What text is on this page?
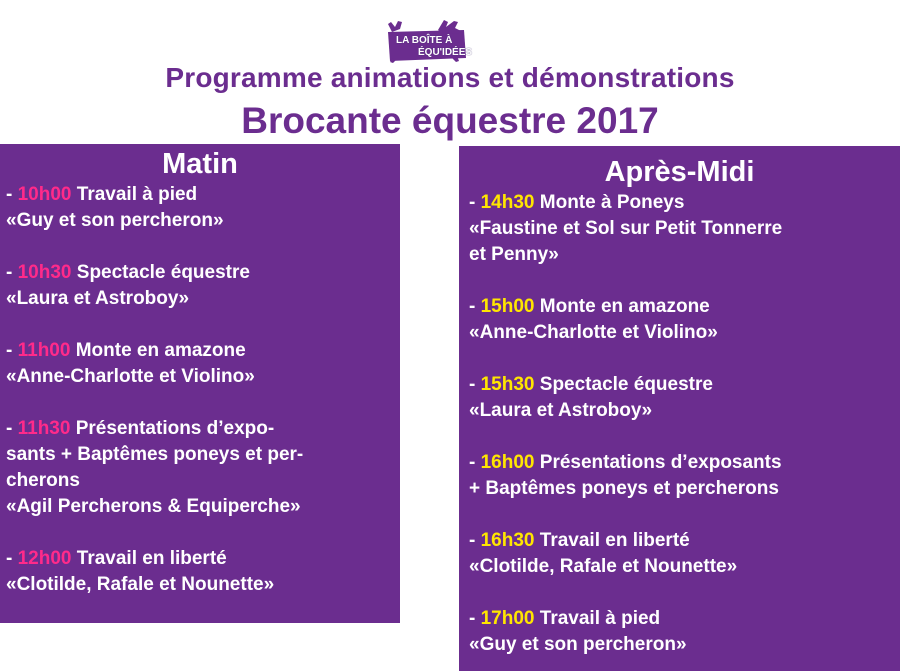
LA BOÎTE À
ÉQU'IDÉES
Programme animations et démonstrations
Brocante équestre 2017
Matin
- 10h00 Travail à pied
«Guy et son percheron»
- 10h30 Spectacle équestre
«Laura et Astroboy»
- 11h00 Monte en amazone
«Anne-Charlotte et Violino»
- 11h30 Présentations d’expo-
sants + Baptêmes poneys et per-
cherons
«Agil Percherons & Equiperche»
- 12h00 Travail en liberté
«Clotilde, Rafale et Nounette»
Après-Midi
- 14h30 Monte à Poneys
«Faustine et Sol sur Petit Tonnerre
et Penny»
- 15h00 Monte en amazone
«Anne-Charlotte et Violino»
- 15h30 Spectacle équestre
«Laura et Astroboy»
- 16h00 Présentations d’exposants
+ Baptêmes poneys et percherons
- 16h30 Travail en liberté
«Clotilde, Rafale et Nounette»
- 17h00 Travail à pied
«Guy et son percheron»
